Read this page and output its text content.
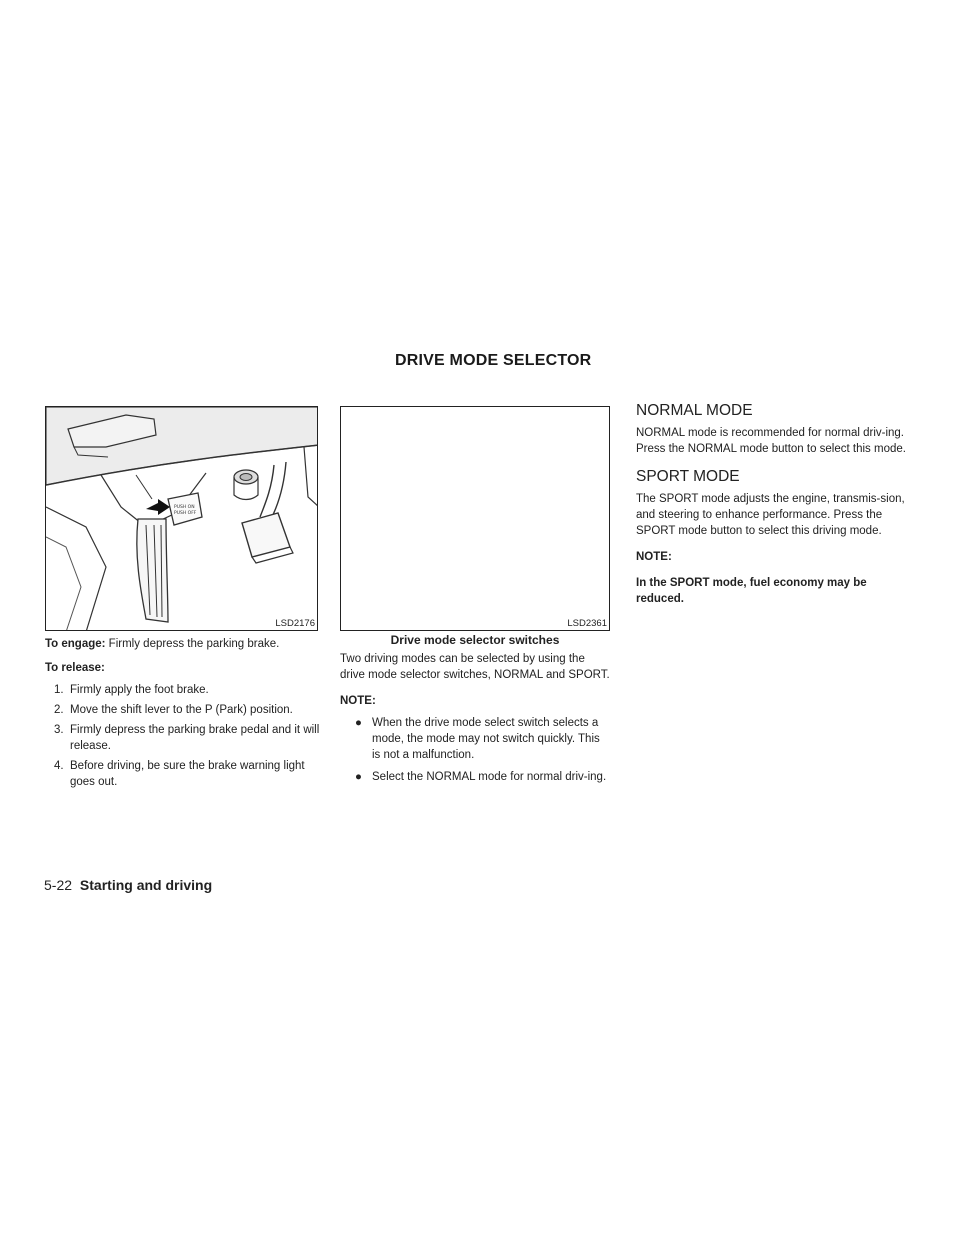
DRIVE MODE SELECTOR
PUSH ON
PUSH OFF
LSD2176

To engage: Firmly depress the parking brake.

To release:

1. Firmly apply the foot brake.
2. Move the shift lever to the P (Park) position.
3. Firmly depress the parking brake pedal and it will release.
4. Before driving, be sure the brake warning light goes out.
LSD2361
Drive mode selector switches

Two driving modes can be selected by using the drive mode selector switches, NORMAL and SPORT.

NOTE:

● When the drive mode select switch selects a mode, the mode may not switch quickly. This is not a malfunction.
● Select the NORMAL mode for normal driv-ing.
NORMAL MODE

NORMAL mode is recommended for normal driv-ing. Press the NORMAL mode button to select this mode.

SPORT MODE

The SPORT mode adjusts the engine, transmis-sion, and steering to enhance performance. Press the SPORT mode button to select this driving mode.

NOTE:

In the SPORT mode, fuel economy may be reduced.

5-22 Starting and driving
